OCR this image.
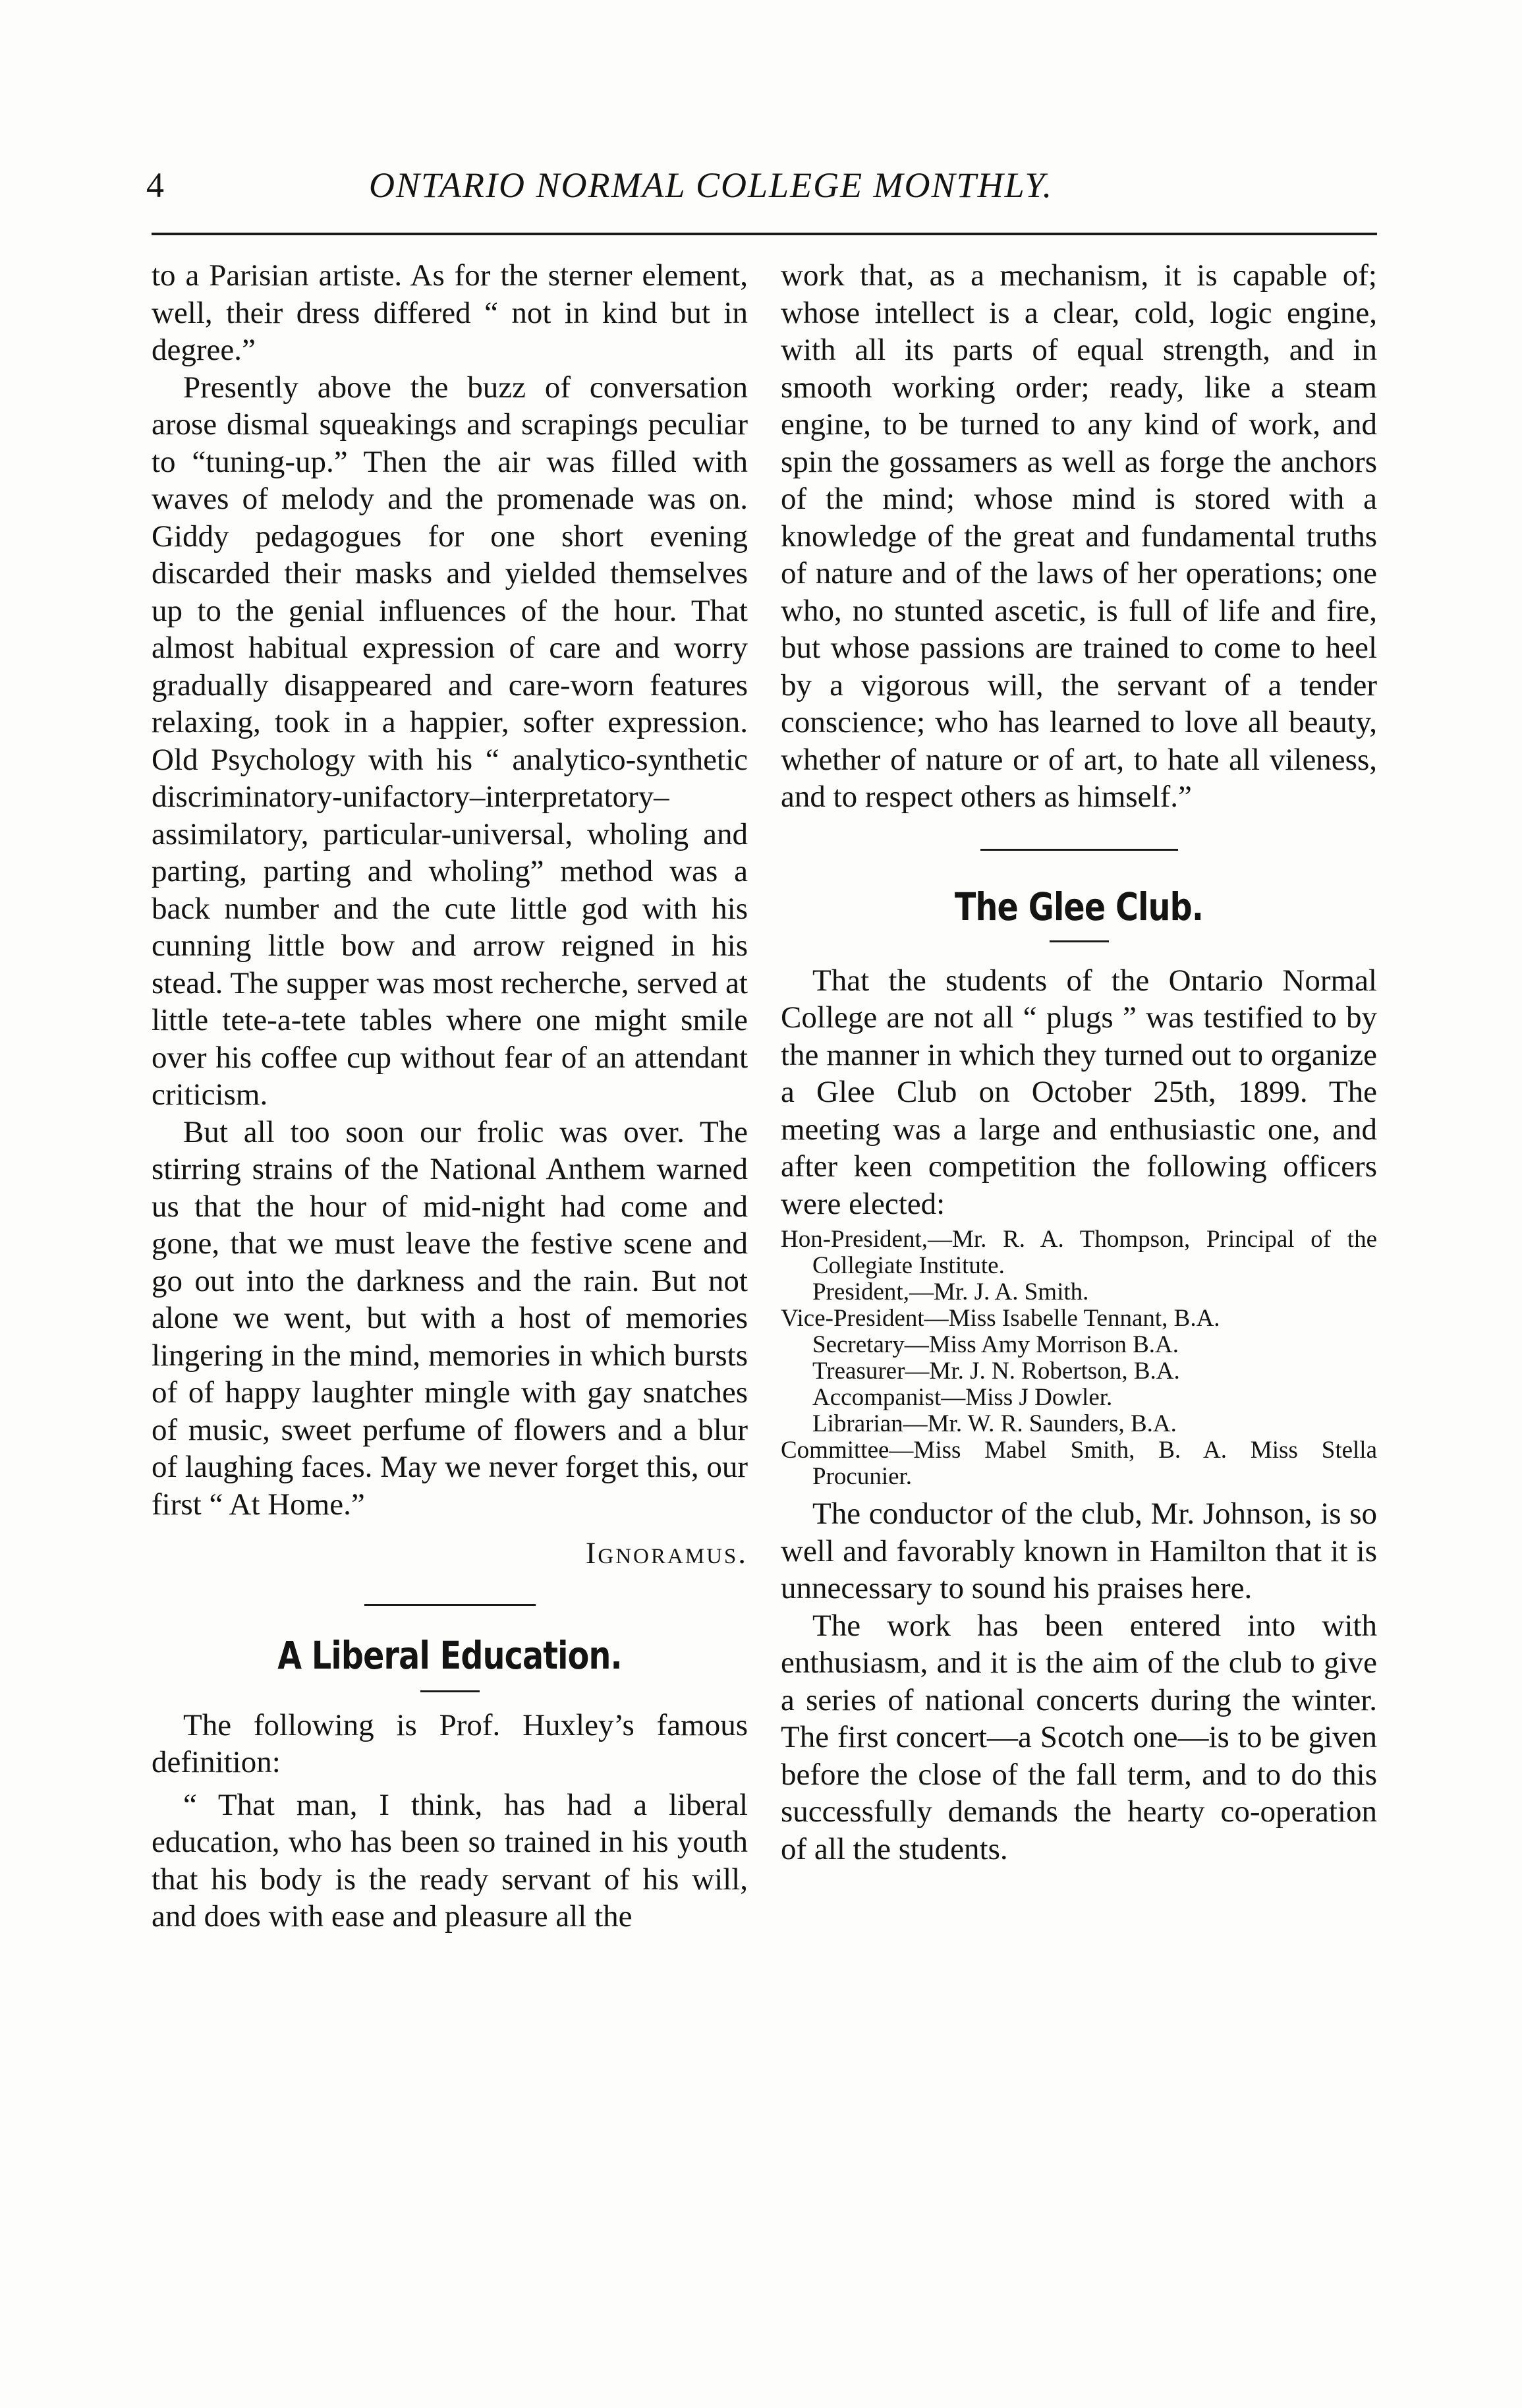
4	ONTARIO NORMAL COLLEGE MONTHLY.

to a Parisian artiste. As for the sterner element, well, their dress differed “ not in kind but in degree.”

Presently above the buzz of conversation arose dismal squeakings and scrapings peculiar to “tuning-up.” Then the air was filled with waves of melody and the promenade was on. Giddy pedagogues for one short evening discarded their masks and yielded themselves up to the genial influences of the hour. That almost habitual expression of care and worry gradually disappeared and care-worn features relaxing, took in a happier, softer expression. Old Psychology with his “ analytico-synthetic discriminatory-unifactory–interpretatory–assimilatory, particular-universal, wholing and parting, parting and wholing” method was a back number and the cute little god with his cunning little bow and arrow reigned in his stead. The supper was most recherche, served at little tete-a-tete tables where one might smile over his coffee cup without fear of an attendant criticism.

But all too soon our frolic was over. The stirring strains of the National Anthem warned us that the hour of mid-night had come and gone, that we must leave the festive scene and go out into the darkness and the rain. But not alone we went, but with a host of memories lingering in the mind, memories in which bursts of of happy laughter mingle with gay snatches of music, sweet perfume of flowers and a blur of laughing faces. May we never forget this, our first “ At Home.”

Ignoramus.

A Liberal Education.

The following is Prof. Huxley’s famous definition:

“ That man, I think, has had a liberal education, who has been so trained in his youth that his body is the ready servant of his will, and does with ease and pleasure all the

work that, as a mechanism, it is capable of; whose intellect is a clear, cold, logic engine, with all its parts of equal strength, and in smooth working order; ready, like a steam engine, to be turned to any kind of work, and spin the gossamers as well as forge the anchors of the mind; whose mind is stored with a knowledge of the great and fundamental truths of nature and of the laws of her operations; one who, no stunted ascetic, is full of life and fire, but whose passions are trained to come to heel by a vigorous will, the servant of a tender conscience; who has learned to love all beauty, whether of nature or of art, to hate all vileness, and to respect others as himself.”

The Glee Club.

That the students of the Ontario Normal College are not all “ plugs ” was testified to by the manner in which they turned out to organize a Glee Club on October 25th, 1899. The meeting was a large and enthusiastic one, and after keen competition the following officers were elected:

Hon-President,—Mr. R. A. Thompson, Principal of the Collegiate Institute.
President,—Mr. J. A. Smith.
Vice-President—Miss Isabelle Tennant, B.A.
Secretary—Miss Amy Morrison B.A.
Treasurer—Mr. J. N. Robertson, B.A.
Accompanist—Miss J Dowler.
Librarian—Mr. W. R. Saunders, B.A.
Committee—Miss Mabel Smith, B. A. Miss Stella Procunier.

The conductor of the club, Mr. Johnson, is so well and favorably known in Hamilton that it is unnecessary to sound his praises here.

The work has been entered into with enthusiasm, and it is the aim of the club to give a series of national concerts during the winter. The first concert—a Scotch one—is to be given before the close of the fall term, and to do this successfully demands the hearty co-operation of all the students.
